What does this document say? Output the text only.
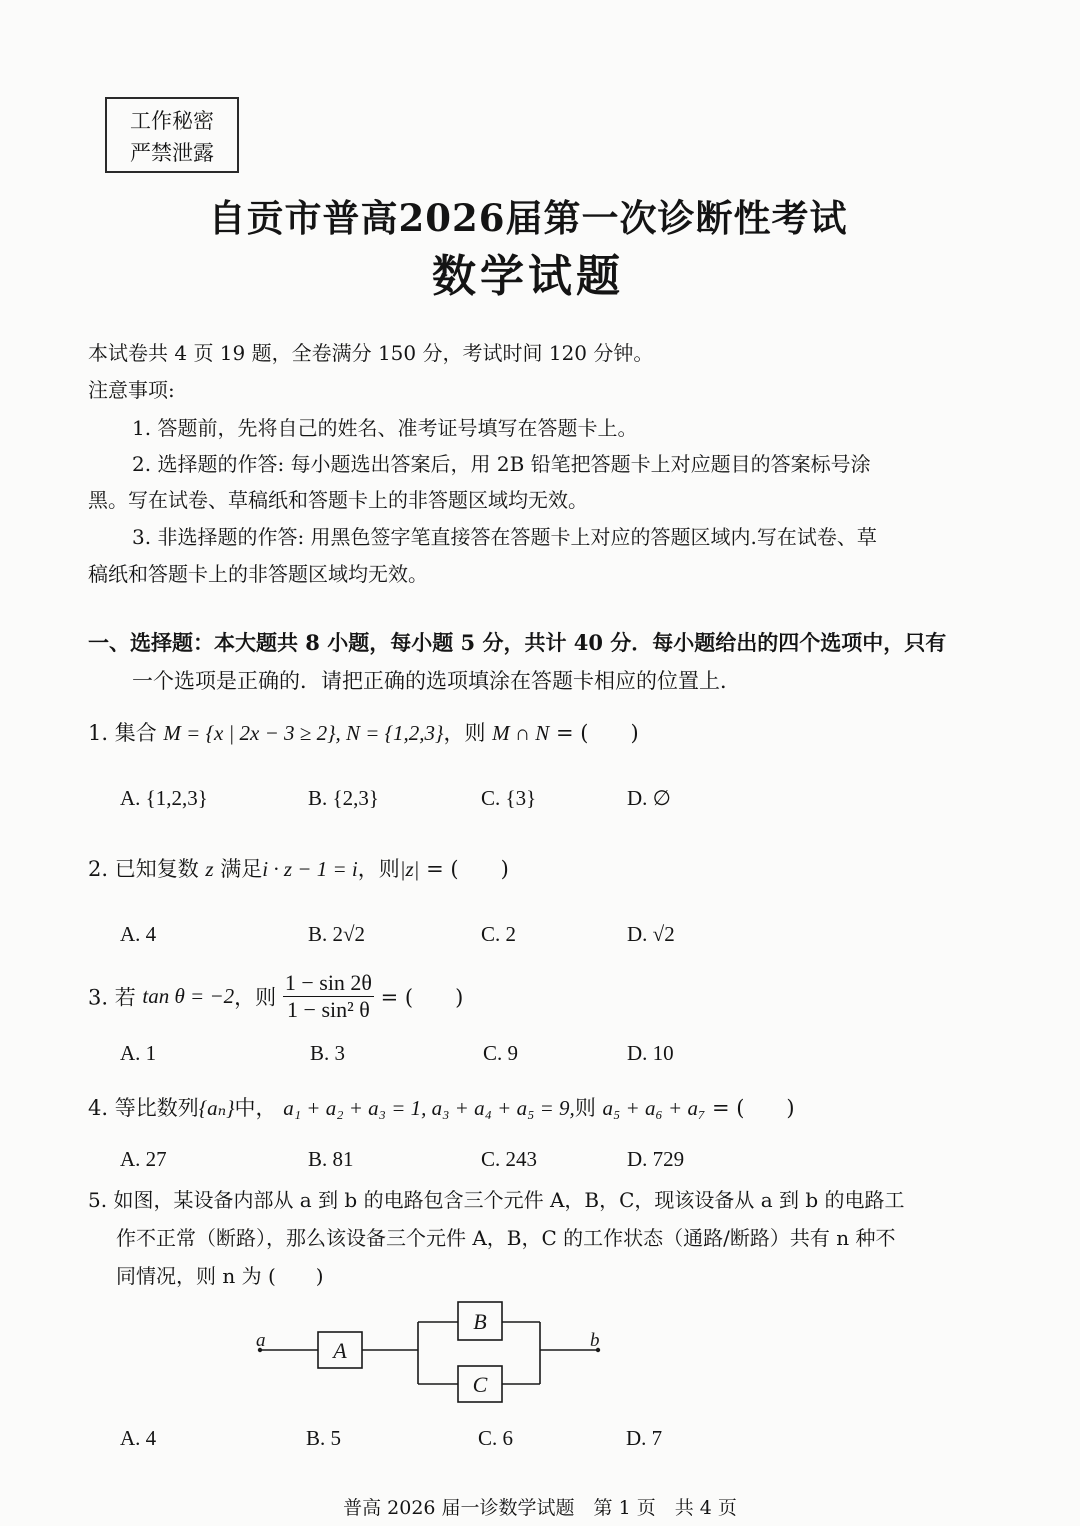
工作秘密
严禁泄露
自贡市普高2026届第一次诊断性考试
数学试题
本试卷共 4 页 19 题，全卷满分 150 分，考试时间 120 分钟。
注意事项:
1. 答题前，先将自己的姓名、准考证号填写在答题卡上。
2. 选择题的作答: 每小题选出答案后，用 2B 铅笔把答题卡上对应题目的答案标号涂
黑。写在试卷、草稿纸和答题卡上的非答题区域均无效。
3. 非选择题的作答: 用黑色签字笔直接答在答题卡上对应的答题区域内.写在试卷、草
稿纸和答题卡上的非答题区域均无效。
一、选择题：本大题共 8 小题，每小题 5 分，共计 40 分．每小题给出的四个选项中，只有
一个选项是正确的．请把正确的选项填涂在答题卡相应的位置上．
1. 集合 M = {x | 2x − 3 ≥ 2}, N = {1,2,3}，则 M ∩ N = (　　)
A. {1,2,3}	B. {2,3}	C. {3}	D. ∅
2. 已知复数 z 满足i · z − 1 = i，则|z| = (　　)
A. 4	B. 2√2	C. 2	D. √2
3. 若 tan θ = −2，则 $\frac{1 - \sin 2\theta}{\text{1 − sin² θ}}$ = (　　)
A. 1	B. 3	C. 9	D. 10
4. 等比数列{aₙ}中， a₁ + a₂ + a₃ = 1, a₃ + a₄ + a₅ = 9,则 a₅ + a₆ + a₇ = (　　)
A. 27	B. 81	C. 243	D. 729
5. 如图，某设备内部从 a 到 b 的电路包含三个元件 A，B，C，现该设备从 a 到 b 的电路工
作不正常（断路），那么该设备三个元件 A，B，C 的工作状态（通路/断路）共有 n 种不
同情况，则 n 为 (　　)
a	b
A
B
C
A. 4	B. 5	C. 6	D. 7
普高 2026 届一诊数学试题　第 1 页　共 4 页
